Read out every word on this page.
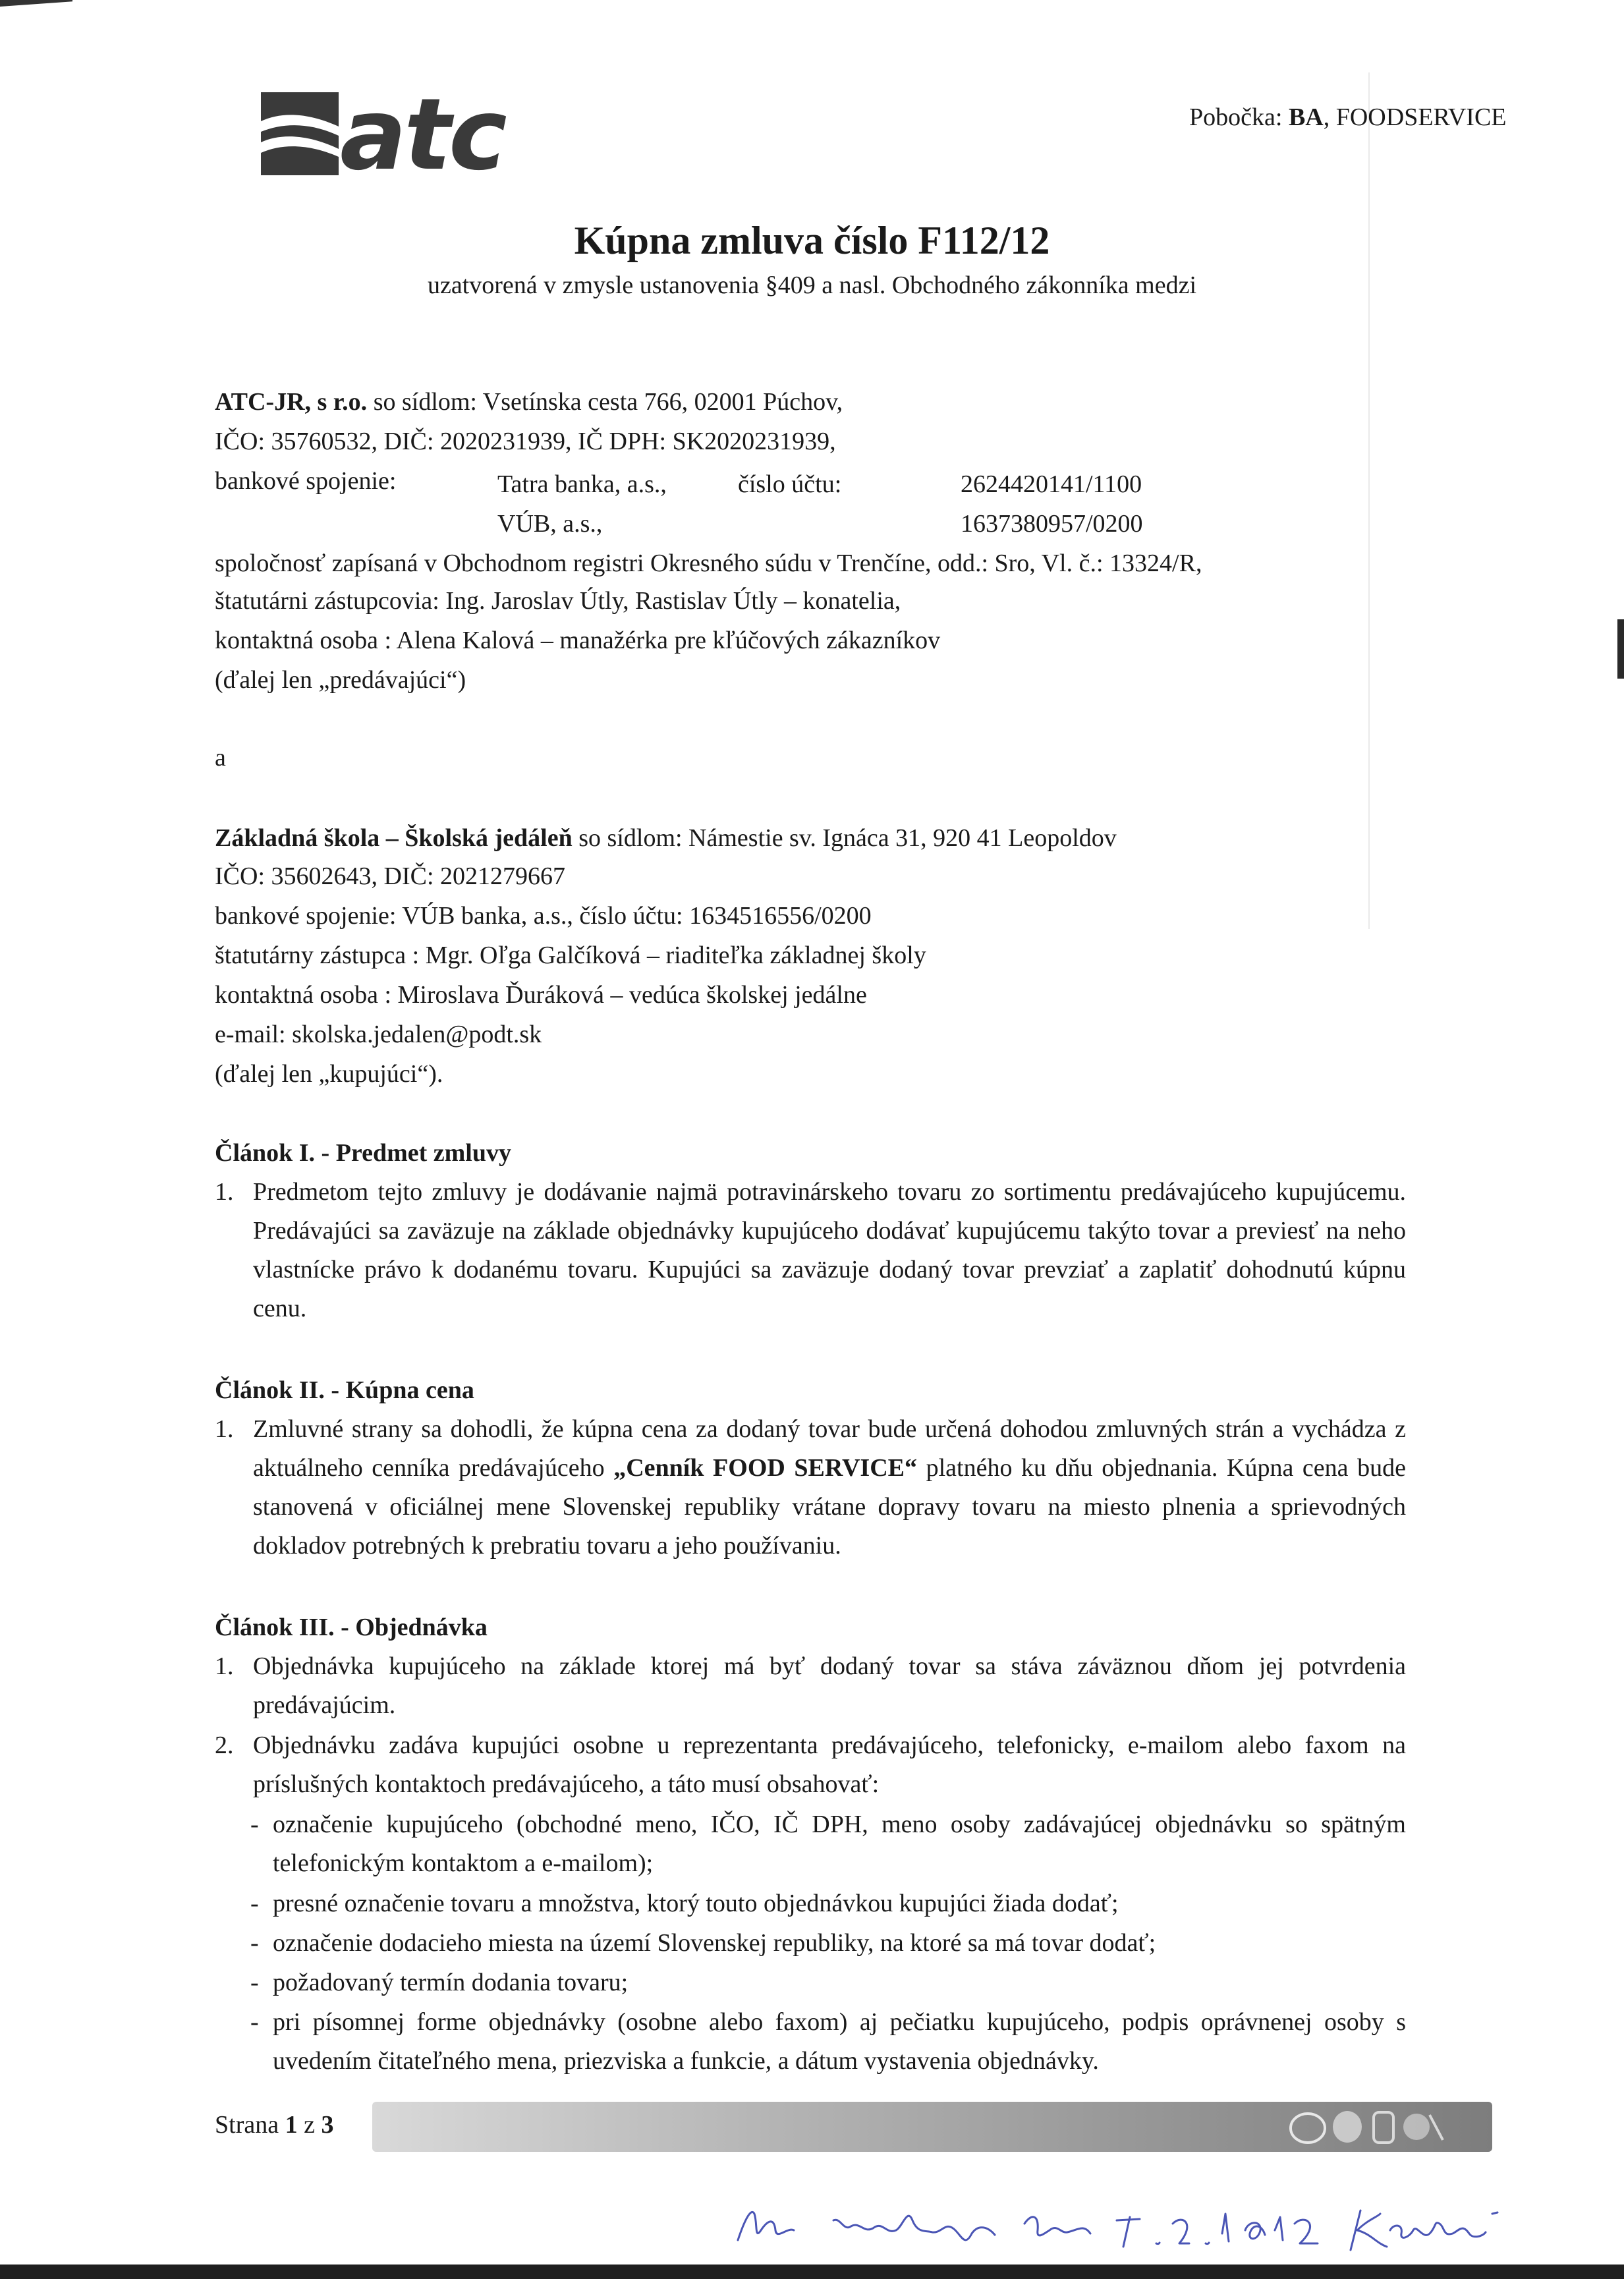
atc	Pobočka: BA, FOODSERVICE
Kúpna zmluva číslo F112/12
uzatvorená v zmysle ustanovenia §409 a nasl. Obchodného zákonníka medzi
ATC-JR, s r.o. so sídlom: Vsetínska cesta 766, 02001 Púchov,
IČO: 35760532, DIČ: 2020231939, IČ DPH: SK2020231939,
bankové spojenie:	Tatra banka, a.s.,	číslo účtu:	2624420141/1100
VÚB, a.s.,	1637380957/0200
spoločnosť zapísaná v Obchodnom registri Okresného súdu v Trenčíne, odd.: Sro, Vl. č.: 13324/R,
štatutárni zástupcovia: Ing. Jaroslav Útly, Rastislav Útly – konatelia,
kontaktná osoba : Alena Kalová – manažérka pre kľúčových zákazníkov
(ďalej len „predávajúci“)
a
Základná škola – Školská jedáleň so sídlom: Námestie sv. Ignáca 31, 920 41 Leopoldov
IČO: 35602643, DIČ: 2021279667
bankové spojenie: VÚB banka, a.s., číslo účtu: 1634516556/0200
štatutárny zástupca : Mgr. Oľga Galčíková – riaditeľka základnej školy
kontaktná osoba : Miroslava Ďuráková – vedúca školskej jedálne
e-mail: skolska.jedalen@podt.sk
(ďalej len „kupujúci“).
Článok I. - Predmet zmluvy
1. Predmetom tejto zmluvy je dodávanie najmä potravinárskeho tovaru zo sortimentu predávajúceho kupujúcemu. Predávajúci sa zaväzuje na základe objednávky kupujúceho dodávať kupujúcemu takýto tovar a previesť na neho vlastnícke právo k dodanému tovaru. Kupujúci sa zaväzuje dodaný tovar prevziať a zaplatiť dohodnutú kúpnu cenu.
Článok II. - Kúpna cena
1. Zmluvné strany sa dohodli, že kúpna cena za dodaný tovar bude určená dohodou zmluvných strán a vychádza z aktuálneho cenníka predávajúceho „Cenník FOOD SERVICE“ platného ku dňu objednania. Kúpna cena bude stanovená v oficiálnej mene Slovenskej republiky vrátane dopravy tovaru na miesto plnenia a sprievodných dokladov potrebných k prebratiu tovaru a jeho používaniu.
Článok III. - Objednávka
1. Objednávka kupujúceho na základe ktorej má byť dodaný tovar sa stáva záväznou dňom jej potvrdenia predávajúcim.
2. Objednávku zadáva kupujúci osobne u reprezentanta predávajúceho, telefonicky, e-mailom alebo faxom na príslušných kontaktoch predávajúceho, a táto musí obsahovať:
- označenie kupujúceho (obchodné meno, IČO, IČ DPH, meno osoby zadávajúcej objednávku so spätným telefonickým kontaktom a e-mailom);
- presné označenie tovaru a množstva, ktorý touto objednávkou kupujúci žiada dodať;
- označenie dodacieho miesta na území Slovenskej republiky, na ktoré sa má tovar dodať;
- požadovaný termín dodania tovaru;
- pri písomnej forme objednávky (osobne alebo faxom) aj pečiatku kupujúceho, podpis oprávnenej osoby s uvedením čitateľného mena, priezviska a funkcie, a dátum vystavenia objednávky.
Strana 1 z 3
